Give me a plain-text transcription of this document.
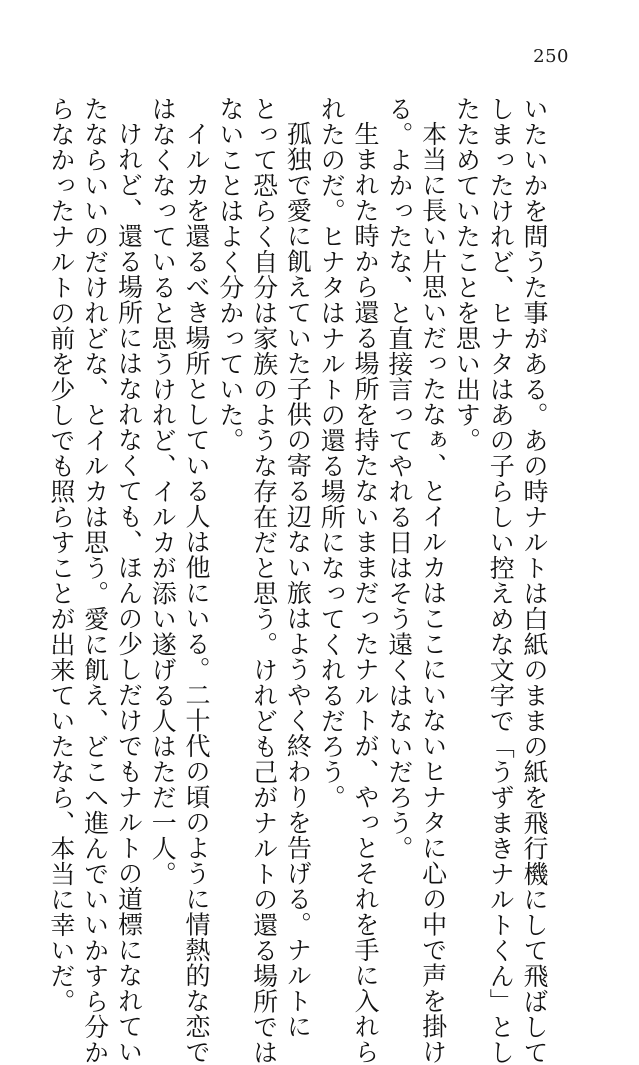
250

いたいかを問うた事がある。あの時ナルトは白紙のままの紙を飛行機にして飛ばして

しまったけれど、ヒナタはあの子らしい控えめな文字で「うずまきナルトくん」とし

たためていたことを思い出す。

本当に長い片思いだったなぁ、とイルカはここにいないヒナタに心の中で声を掛け

る。よかったな、と直接言ってやれる日はそう遠くはないだろう。

生まれた時から還る場所を持たないままだったナルトが、やっとそれを手に入れら

れたのだ。ヒナタはナルトの還る場所になってくれるだろう。

孤独で愛に飢えていた子供の寄る辺ない旅はようやく終わりを告げる。ナルトに

とって恐らく自分は家族のような存在だと思う。けれども己がナルトの還る場所では

ないことはよく分かっていた。

イルカを還るべき場所としている人は他にいる。二十代の頃のように情熱的な恋で

はなくなっていると思うけれど、イルカが添い遂げる人はただ一人。

けれど、還る場所にはなれなくても、ほんの少しだけでもナルトの道標になれてい

たならいいのだけれどな、とイルカは思う。愛に飢え、どこへ進んでいいかすら分か

らなかったナルトの前を少しでも照らすことが出来ていたなら、本当に幸いだ。
